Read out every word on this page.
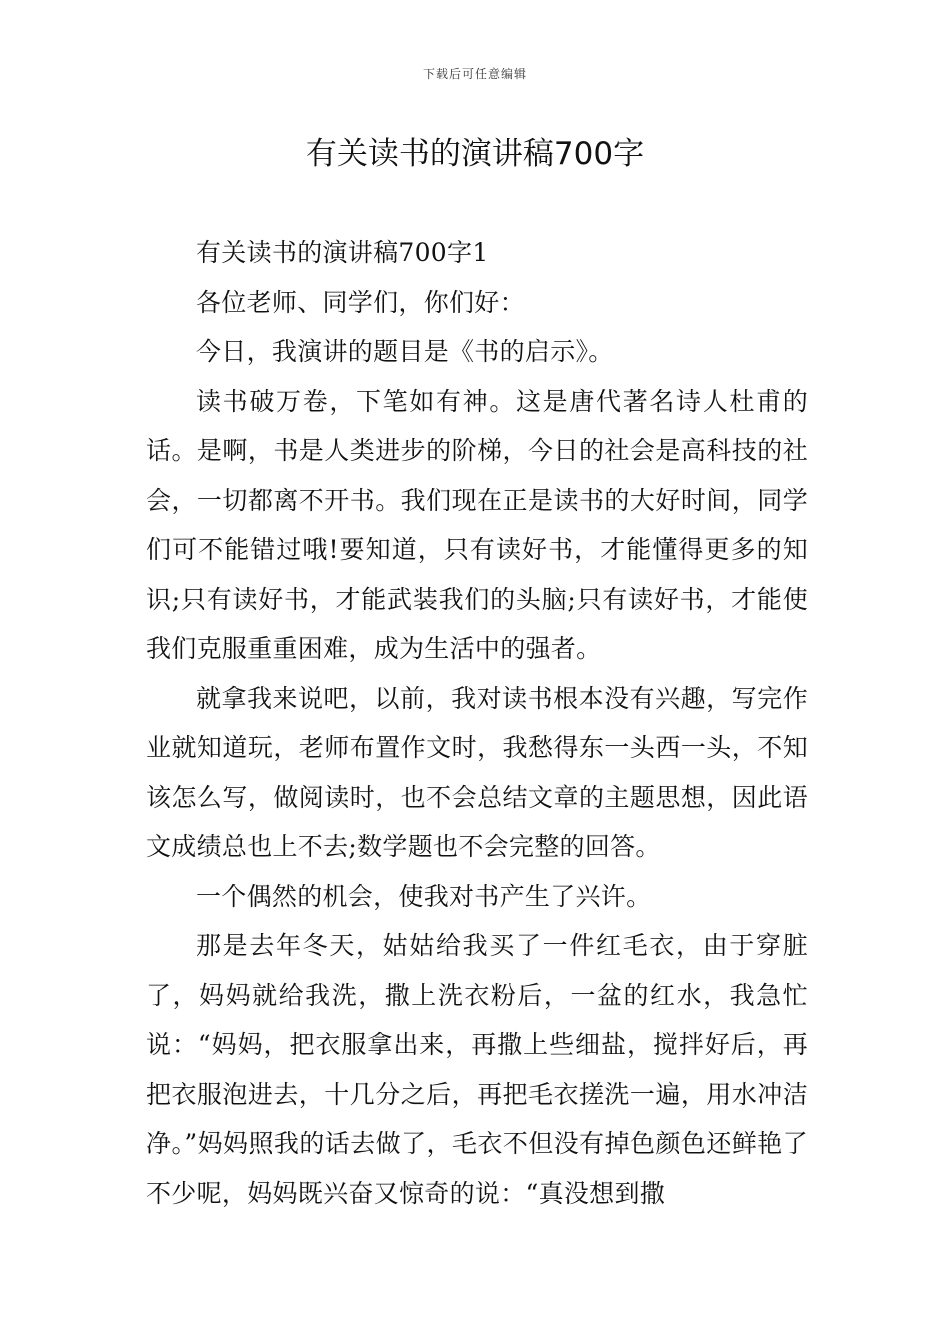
下载后可任意编辑
有关读书的演讲稿700字

有关读书的演讲稿700字1

各位老师、同学们，你们好：

今日，我演讲的题目是《书的启示》。

读书破万卷，下笔如有神。这是唐代著名诗人杜甫的话。是啊，书是人类进步的阶梯，今日的社会是高科技的社会，一切都离不开书。我们现在正是读书的大好时间，同学们可不能错过哦!要知道，只有读好书，才能懂得更多的知识;只有读好书，才能武装我们的头脑;只有读好书，才能使我们克服重重困难，成为生活中的强者。

就拿我来说吧，以前，我对读书根本没有兴趣，写完作业就知道玩，老师布置作文时，我愁得东一头西一头，不知该怎么写，做阅读时，也不会总结文章的主题思想，因此语文成绩总也上不去;数学题也不会完整的回答。

一个偶然的机会，使我对书产生了兴许。

那是去年冬天，姑姑给我买了一件红毛衣，由于穿脏了，妈妈就给我洗，撒上洗衣粉后，一盆的红水，我急忙说：“妈妈，把衣服拿出来，再撒上些细盐，搅拌好后，再把衣服泡进去，十几分之后，再把毛衣搓洗一遍，用水冲洁净。”妈妈照我的话去做了，毛衣不但没有掉色颜色还鲜艳了不少呢，妈妈既兴奋又惊奇的说：“真没想到撒
